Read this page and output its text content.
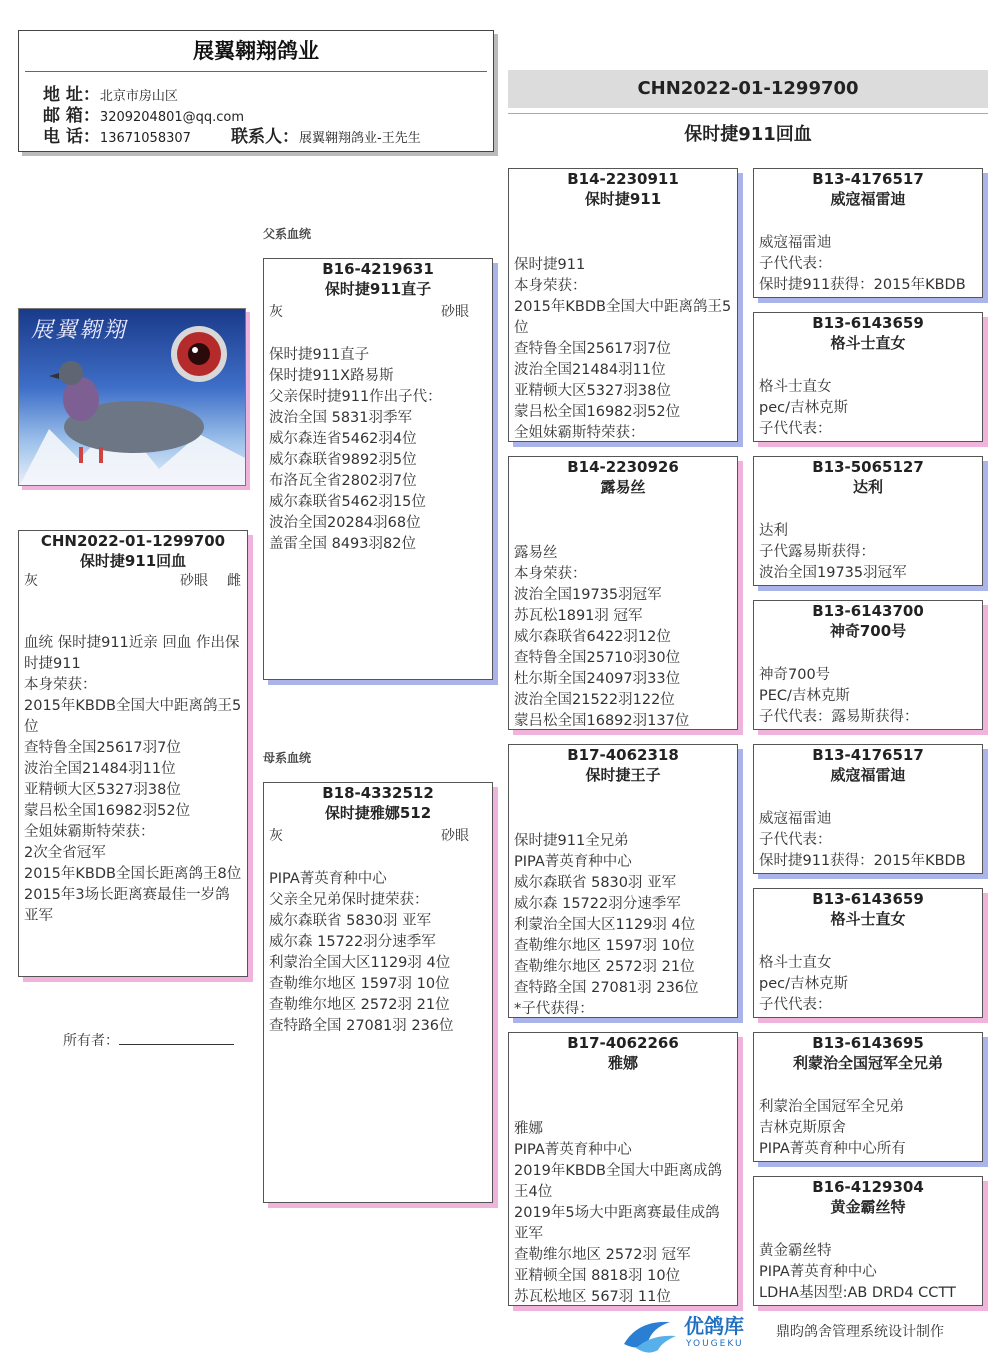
展翼翱翔鸽业
地 址：北京市房山区
邮 箱：3209204801@qq.com
电 话：13671058307 联系人：展翼翱翔鸽业-王先生
CHN2022-01-1299700
保时捷911回血
展翼翱翔
CHN2022-01-1299700
保时捷911回血
灰	砂眼 雌
血统 保时捷911近亲 回血 作出保时捷911
本身荣获：
2015年KBDB全国大中距离鸽王5位
查特鲁全国25617羽7位
波治全国21484羽11位
亚精顿大区5327羽38位
蒙吕松全国16982羽52位
全姐妹霸斯特荣获：
2次全省冠军
2015年KBDB全国长距离鸽王8位
2015年3场长距离赛最佳一岁鸽亚军
所有者：
父系血统
母系血统
B16-4219631
保时捷911直子
灰	砂眼
保时捷911直子
保时捷911X路易斯
父亲保时捷911作出子代：
波治全国 5831羽季军
威尔森连省5462羽4位
威尔森联省9892羽5位
布洛瓦全省2802羽7位
威尔森联省5462羽15位
波治全国20284羽68位
盖雷全国 8493羽82位
B18-4332512
保时捷雅娜512
灰	砂眼
PIPA菁英育种中心
父亲全兄弟保时捷荣获：
威尔森联省 5830羽 亚军
威尔森 15722羽分速季军
利蒙治全国大区1129羽 4位
查勒维尔地区 1597羽 10位
查勒维尔地区 2572羽 21位
查特路全国 27081羽 236位
B14-2230911
保时捷911
保时捷911
本身荣获：
2015年KBDB全国大中距离鸽王5位
查特鲁全国25617羽7位
波治全国21484羽11位
亚精顿大区5327羽38位
蒙吕松全国16982羽52位
全姐妹霸斯特荣获：
B14-2230926
露易丝
露易丝
本身荣获：
波治全国19735羽冠军
苏瓦松1891羽 冠军
威尔森联省6422羽12位
查特鲁全国25710羽30位
杜尔斯全国24097羽33位
波治全国21522羽122位
蒙吕松全国16892羽137位
B17-4062318
保时捷王子
保时捷911全兄弟
PIPA菁英育种中心
威尔森联省 5830羽 亚军
威尔森 15722羽分速季军
利蒙治全国大区1129羽 4位
查勒维尔地区 1597羽 10位
查勒维尔地区 2572羽 21位
查特路全国 27081羽 236位
*子代获得：
B17-4062266
雅娜
雅娜
PIPA菁英育种中心
2019年KBDB全国大中距离成鸽王4位
2019年5场大中距离赛最佳成鸽亚军
查勒维尔地区 2572羽 冠军
亚精顿全国 8818羽 10位
苏瓦松地区 567羽 11位
B13-4176517
威寇福雷迪
威寇福雷迪
子代代表：
保时捷911获得：2015年KBDB
B13-6143659
格斗士直女
格斗士直女
pec/吉林克斯
子代代表：
B13-5065127
达利
达利
子代露易斯获得：
波治全国19735羽冠军
B13-6143700
神奇700号
神奇700号
PEC/吉林克斯
子代代表：露易斯获得：
B13-4176517
威寇福雷迪
威寇福雷迪
子代代表：
保时捷911获得：2015年KBDB
B13-6143659
格斗士直女
格斗士直女
pec/吉林克斯
子代代表：
B13-6143695
利蒙治全国冠军全兄弟
利蒙治全国冠军全兄弟
吉林克斯原舍
PIPA菁英育种中心所有
B16-4129304
黄金霸丝特
黄金霸丝特
PIPA菁英育种中心
LDHA基因型:AB DRD4 CCTT
优鸽库
YOUGEKU
鼎昀鸽舍管理系统设计制作
